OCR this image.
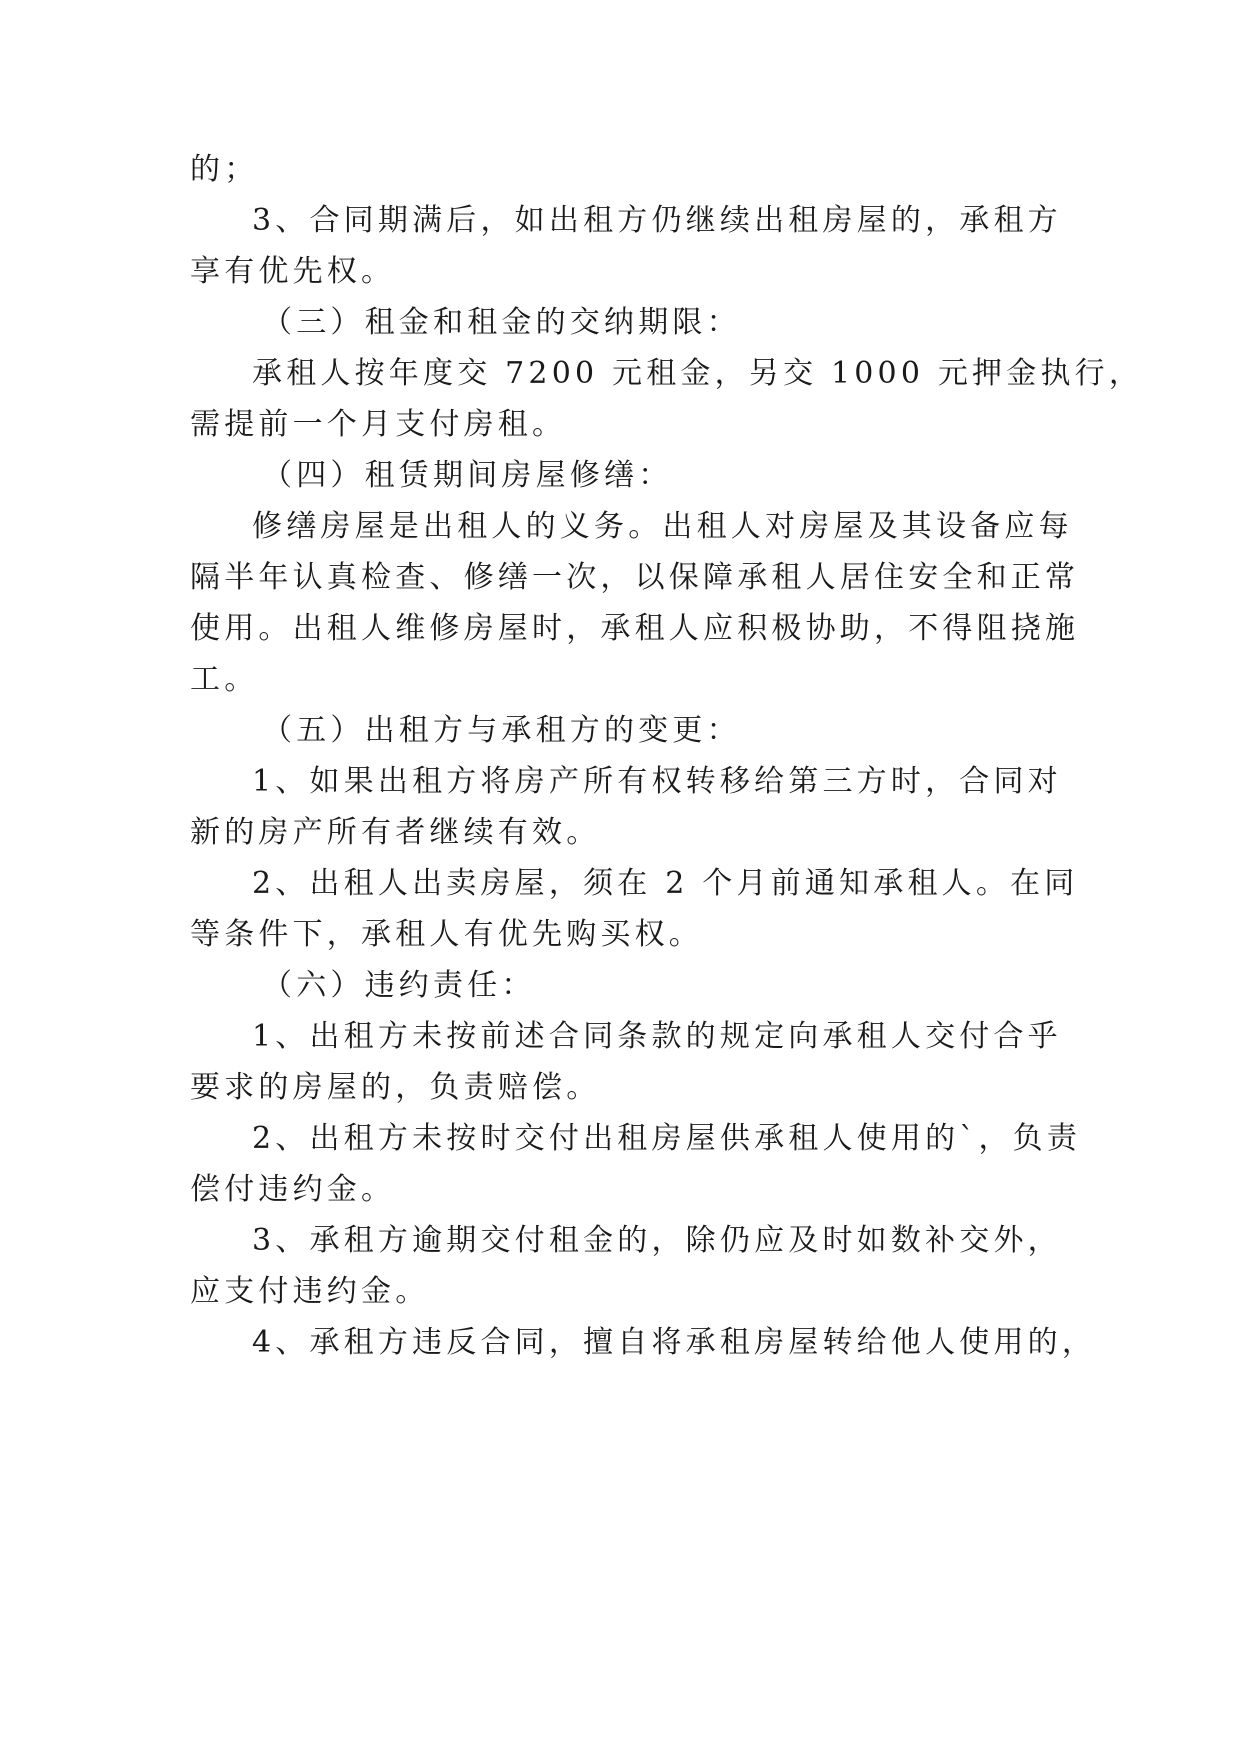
的；
3、合同期满后，如出租方仍继续出租房屋的，承租方
享有优先权。
（三）租金和租金的交纳期限：
承租人按年度交 7200 元租金，另交 1000 元押金执行，
需提前一个月支付房租。
（四）租赁期间房屋修缮：
修缮房屋是出租人的义务。出租人对房屋及其设备应每
隔半年认真检查、修缮一次，以保障承租人居住安全和正常
使用。出租人维修房屋时，承租人应积极协助，不得阻挠施
工。
（五）出租方与承租方的变更：
1、如果出租方将房产所有权转移给第三方时，合同对
新的房产所有者继续有效。
2、出租人出卖房屋，须在 2 个月前通知承租人。在同
等条件下，承租人有优先购买权。
（六）违约责任：
1、出租方未按前述合同条款的规定向承租人交付合乎
要求的房屋的，负责赔偿。
2、出租方未按时交付出租房屋供承租人使用的`，负责
偿付违约金。
3、承租方逾期交付租金的，除仍应及时如数补交外，
应支付违约金。
4、承租方违反合同，擅自将承租房屋转给他人使用的，
